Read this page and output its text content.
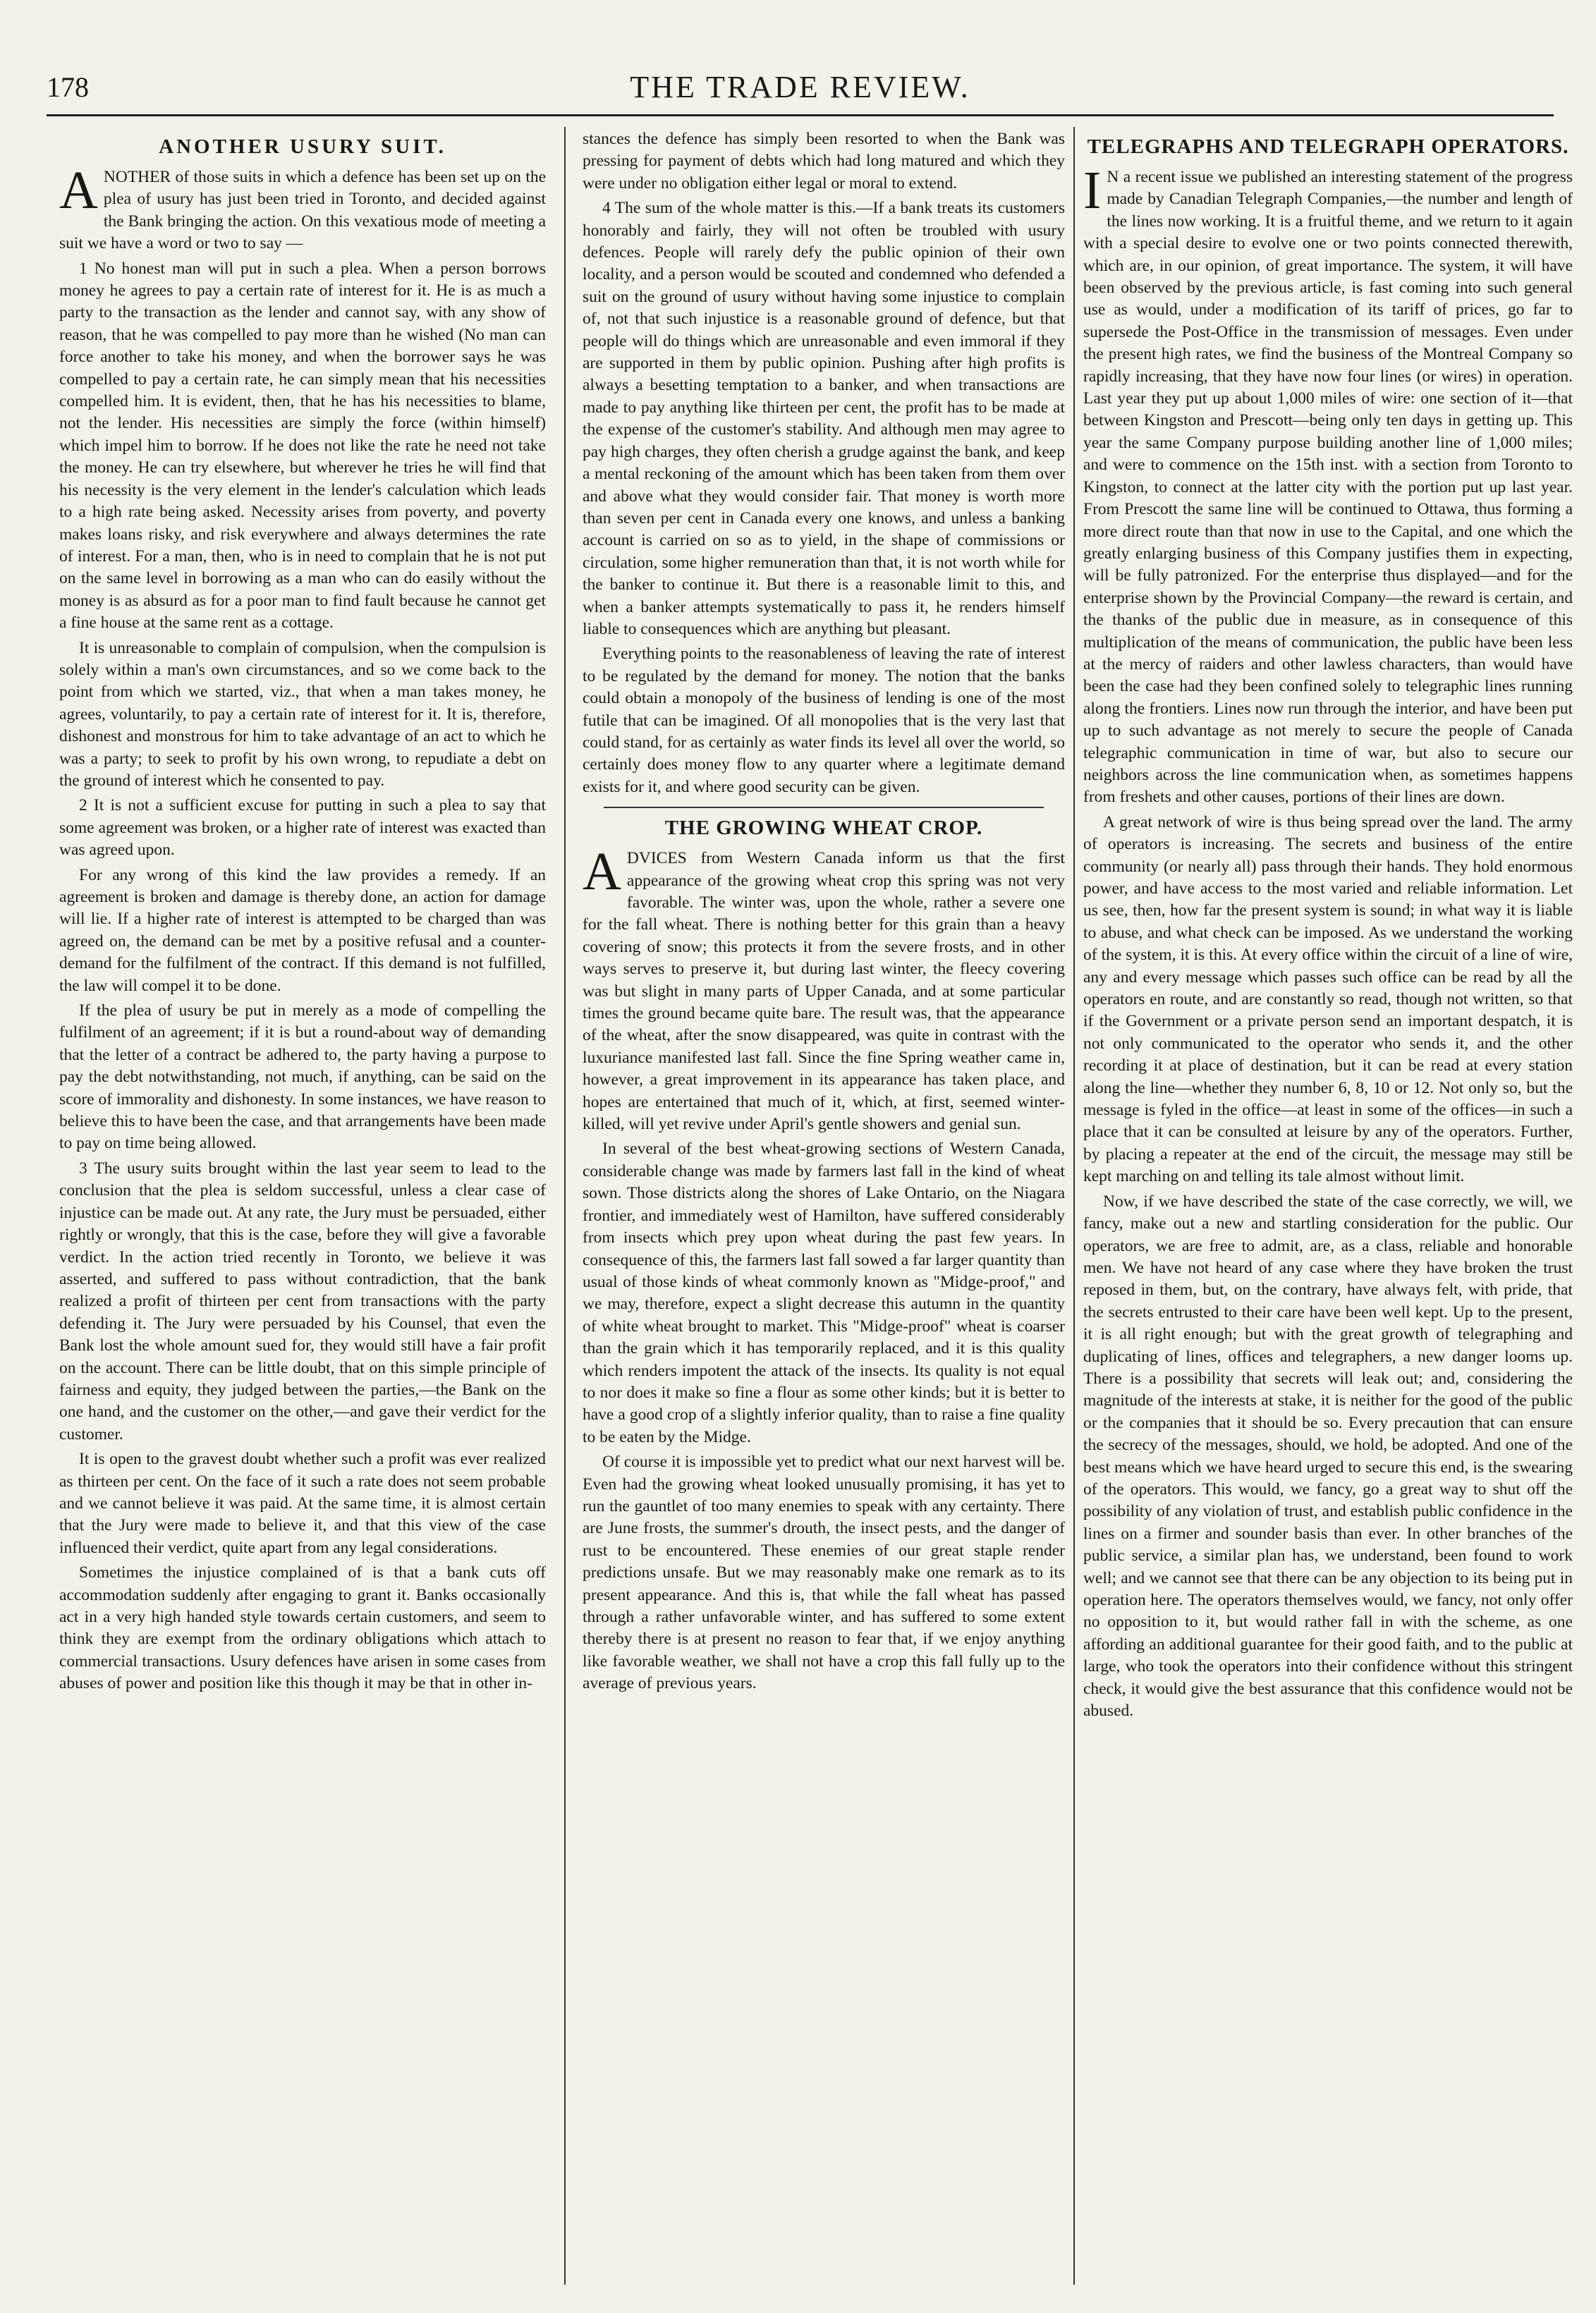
178	THE TRADE REVIEW.
ANOTHER USURY SUIT.

ANOTHER of those suits in which a defence has been set up on the plea of usury has just been tried in Toronto, and decided against the Bank bringing the action. On this vexatious mode of meeting a suit we have a word or two to say —

1 No honest man will put in such a plea. When a person borrows money he agrees to pay a certain rate of interest for it. He is as much a party to the transaction as the lender and cannot say, with any show of reason, that he was compelled to pay more than he wished (No man can force another to take his money, and when the borrower says he was compelled to pay a certain rate, he can simply mean that his necessities compelled him. It is evident, then, that he has his necessities to blame, not the lender. His necessities are simply the force (within himself) which impel him to borrow. If he does not like the rate he need not take the money. He can try elsewhere, but wherever he tries he will find that his necessity is the very element in the lender's calculation which leads to a high rate being asked. Necessity arises from poverty, and poverty makes loans risky, and risk everywhere and always determines the rate of interest. For a man, then, who is in need to complain that he is not put on the same level in borrowing as a man who can do easily without the money is as absurd as for a poor man to find fault because he cannot get a fine house at the same rent as a cottage.

It is unreasonable to complain of compulsion, when the compulsion is solely within a man's own circumstances, and so we come back to the point from which we started, viz., that when a man takes money, he agrees, voluntarily, to pay a certain rate of interest for it. It is, therefore, dishonest and monstrous for him to take advantage of an act to which he was a party; to seek to profit by his own wrong, to repudiate a debt on the ground of interest which he consented to pay.

2 It is not a sufficient excuse for putting in such a plea to say that some agreement was broken, or a higher rate of interest was exacted than was agreed upon.

For any wrong of this kind the law provides a remedy. If an agreement is broken and damage is thereby done, an action for damage will lie. If a higher rate of interest is attempted to be charged than was agreed on, the demand can be met by a positive refusal and a counter-demand for the fulfilment of the contract. If this demand is not fulfilled, the law will compel it to be done.

If the plea of usury be put in merely as a mode of compelling the fulfilment of an agreement; if it is but a round-about way of demanding that the letter of a contract be adhered to, the party having a purpose to pay the debt notwithstanding, not much, if anything, can be said on the score of immorality and dishonesty. In some instances, we have reason to believe this to have been the case, and that arrangements have been made to pay on time being allowed.

3 The usury suits brought within the last year seem to lead to the conclusion that the plea is seldom successful, unless a clear case of injustice can be made out. At any rate, the Jury must be persuaded, either rightly or wrongly, that this is the case, before they will give a favorable verdict. In the action tried recently in Toronto, we believe it was asserted, and suffered to pass without contradiction, that the bank realized a profit of thirteen per cent from transactions with the party defending it. The Jury were persuaded by his Counsel, that even the Bank lost the whole amount sued for, they would still have a fair profit on the account. There can be little doubt, that on this simple principle of fairness and equity, they judged between the parties,—the Bank on the one hand, and the customer on the other,—and gave their verdict for the customer.

It is open to the gravest doubt whether such a profit was ever realized as thirteen per cent. On the face of it such a rate does not seem probable and we cannot believe it was paid. At the same time, it is almost certain that the Jury were made to believe it, and that this view of the case influenced their verdict, quite apart from any legal considerations.

Sometimes the injustice complained of is that a bank cuts off accommodation suddenly after engaging to grant it. Banks occasionally act in a very high handed style towards certain customers, and seem to think they are exempt from the ordinary obligations which attach to commercial transactions. Usury defences have arisen in some cases from abuses of power and position like this though it may be that in other in-

stances the defence has simply been resorted to when the Bank was pressing for payment of debts which had long matured and which they were under no obligation either legal or moral to extend.

4 The sum of the whole matter is this.—If a bank treats its customers honorably and fairly, they will not often be troubled with usury defences. People will rarely defy the public opinion of their own locality, and a person would be scouted and condemned who defended a suit on the ground of usury without having some injustice to complain of, not that such injustice is a reasonable ground of defence, but that people will do things which are unreasonable and even immoral if they are supported in them by public opinion. Pushing after high profits is always a besetting temptation to a banker, and when transactions are made to pay anything like thirteen per cent, the profit has to be made at the expense of the customer's stability. And although men may agree to pay high charges, they often cherish a grudge against the bank, and keep a mental reckoning of the amount which has been taken from them over and above what they would consider fair. That money is worth more than seven per cent in Canada every one knows, and unless a banking account is carried on so as to yield, in the shape of commissions or circulation, some higher remuneration than that, it is not worth while for the banker to continue it. But there is a reasonable limit to this, and when a banker attempts systematically to pass it, he renders himself liable to consequences which are anything but pleasant.

Everything points to the reasonableness of leaving the rate of interest to be regulated by the demand for money. The notion that the banks could obtain a monopoly of the business of lending is one of the most futile that can be imagined. Of all monopolies that is the very last that could stand, for as certainly as water finds its level all over the world, so certainly does money flow to any quarter where a legitimate demand exists for it, and where good security can be given.

THE GROWING WHEAT CROP.

ADVICES from Western Canada inform us that the first appearance of the growing wheat crop this spring was not very favorable. The winter was, upon the whole, rather a severe one for the fall wheat. There is nothing better for this grain than a heavy covering of snow; this protects it from the severe frosts, and in other ways serves to preserve it, but during last winter, the fleecy covering was but slight in many parts of Upper Canada, and at some particular times the ground became quite bare. The result was, that the appearance of the wheat, after the snow disappeared, was quite in contrast with the luxuriance manifested last fall. Since the fine Spring weather came in, however, a great improvement in its appearance has taken place, and hopes are entertained that much of it, which, at first, seemed winter-killed, will yet revive under April's gentle showers and genial sun.

In several of the best wheat-growing sections of Western Canada, considerable change was made by farmers last fall in the kind of wheat sown. Those districts along the shores of Lake Ontario, on the Niagara frontier, and immediately west of Hamilton, have suffered considerably from insects which prey upon wheat during the past few years. In consequence of this, the farmers last fall sowed a far larger quantity than usual of those kinds of wheat commonly known as "Midge-proof," and we may, therefore, expect a slight decrease this autumn in the quantity of white wheat brought to market. This "Midge-proof" wheat is coarser than the grain which it has temporarily replaced, and it is this quality which renders impotent the attack of the insects. Its quality is not equal to nor does it make so fine a flour as some other kinds; but it is better to have a good crop of a slightly inferior quality, than to raise a fine quality to be eaten by the Midge.

Of course it is impossible yet to predict what our next harvest will be. Even had the growing wheat looked unusually promising, it has yet to run the gauntlet of too many enemies to speak with any certainty. There are June frosts, the summer's drouth, the insect pests, and the danger of rust to be encountered. These enemies of our great staple render predictions unsafe. But we may reasonably make one remark as to its present appearance. And this is, that while the fall wheat has passed through a rather unfavorable winter, and has suffered to some extent thereby there is at present no reason to fear that, if we enjoy anything like favorable weather, we shall not have a crop this fall fully up to the average of previous years.

TELEGRAPHS AND TELEGRAPH OPERATORS.

I N a recent issue we published an interesting statement of the progress made by Canadian Telegraph Companies,—the number and length of the lines now working. It is a fruitful theme, and we return to it again with a special desire to evolve one or two points connected therewith, which are, in our opinion, of great importance. The system, it will have been observed by the previous article, is fast coming into such general use as would, under a modification of its tariff of prices, go far to supersede the Post-Office in the transmission of messages. Even under the present high rates, we find the business of the Montreal Company so rapidly increasing, that they have now four lines (or wires) in operation. Last year they put up about 1,000 miles of wire: one section of it—that between Kingston and Prescott—being only ten days in getting up. This year the same Company purpose building another line of 1,000 miles; and were to commence on the 15th inst. with a section from Toronto to Kingston, to connect at the latter city with the portion put up last year. From Prescott the same line will be continued to Ottawa, thus forming a more direct route than that now in use to the Capital, and one which the greatly enlarging business of this Company justifies them in expecting, will be fully patronized. For the enterprise thus displayed—and for the enterprise shown by the Provincial Company—the reward is certain, and the thanks of the public due in measure, as in consequence of this multiplication of the means of communication, the public have been less at the mercy of raiders and other lawless characters, than would have been the case had they been confined solely to telegraphic lines running along the frontiers. Lines now run through the interior, and have been put up to such advantage as not merely to secure the people of Canada telegraphic communication in time of war, but also to secure our neighbors across the line communication when, as sometimes happens from freshets and other causes, portions of their lines are down.

A great network of wire is thus being spread over the land. The army of operators is increasing. The secrets and business of the entire community (or nearly all) pass through their hands. They hold enormous power, and have access to the most varied and reliable information. Let us see, then, how far the present system is sound; in what way it is liable to abuse, and what check can be imposed. As we understand the working of the system, it is this. At every office within the circuit of a line of wire, any and every message which passes such office can be read by all the operators en route, and are constantly so read, though not written, so that if the Government or a private person send an important despatch, it is not only communicated to the operator who sends it, and the other recording it at place of destination, but it can be read at every station along the line—whether they number 6, 8, 10 or 12. Not only so, but the message is fyled in the office—at least in some of the offices—in such a place that it can be consulted at leisure by any of the operators. Further, by placing a repeater at the end of the circuit, the message may still be kept marching on and telling its tale almost without limit.

Now, if we have described the state of the case correctly, we will, we fancy, make out a new and startling consideration for the public. Our operators, we are free to admit, are, as a class, reliable and honorable men. We have not heard of any case where they have broken the trust reposed in them, but, on the contrary, have always felt, with pride, that the secrets entrusted to their care have been well kept. Up to the present, it is all right enough; but with the great growth of telegraphing and duplicating of lines, offices and telegraphers, a new danger looms up. There is a possibility that secrets will leak out; and, considering the magnitude of the interests at stake, it is neither for the good of the public or the companies that it should be so. Every precaution that can ensure the secrecy of the messages, should, we hold, be adopted. And one of the best means which we have heard urged to secure this end, is the swearing of the operators. This would, we fancy, go a great way to shut off the possibility of any violation of trust, and establish public confidence in the lines on a firmer and sounder basis than ever. In other branches of the public service, a similar plan has, we understand, been found to work well; and we cannot see that there can be any objection to its being put in operation here. The operators themselves would, we fancy, not only offer no opposition to it, but would rather fall in with the scheme, as one affording an additional guarantee for their good faith, and to the public at large, who took the operators into their confidence without this stringent check, it would give the best assurance that this confidence would not be abused.
